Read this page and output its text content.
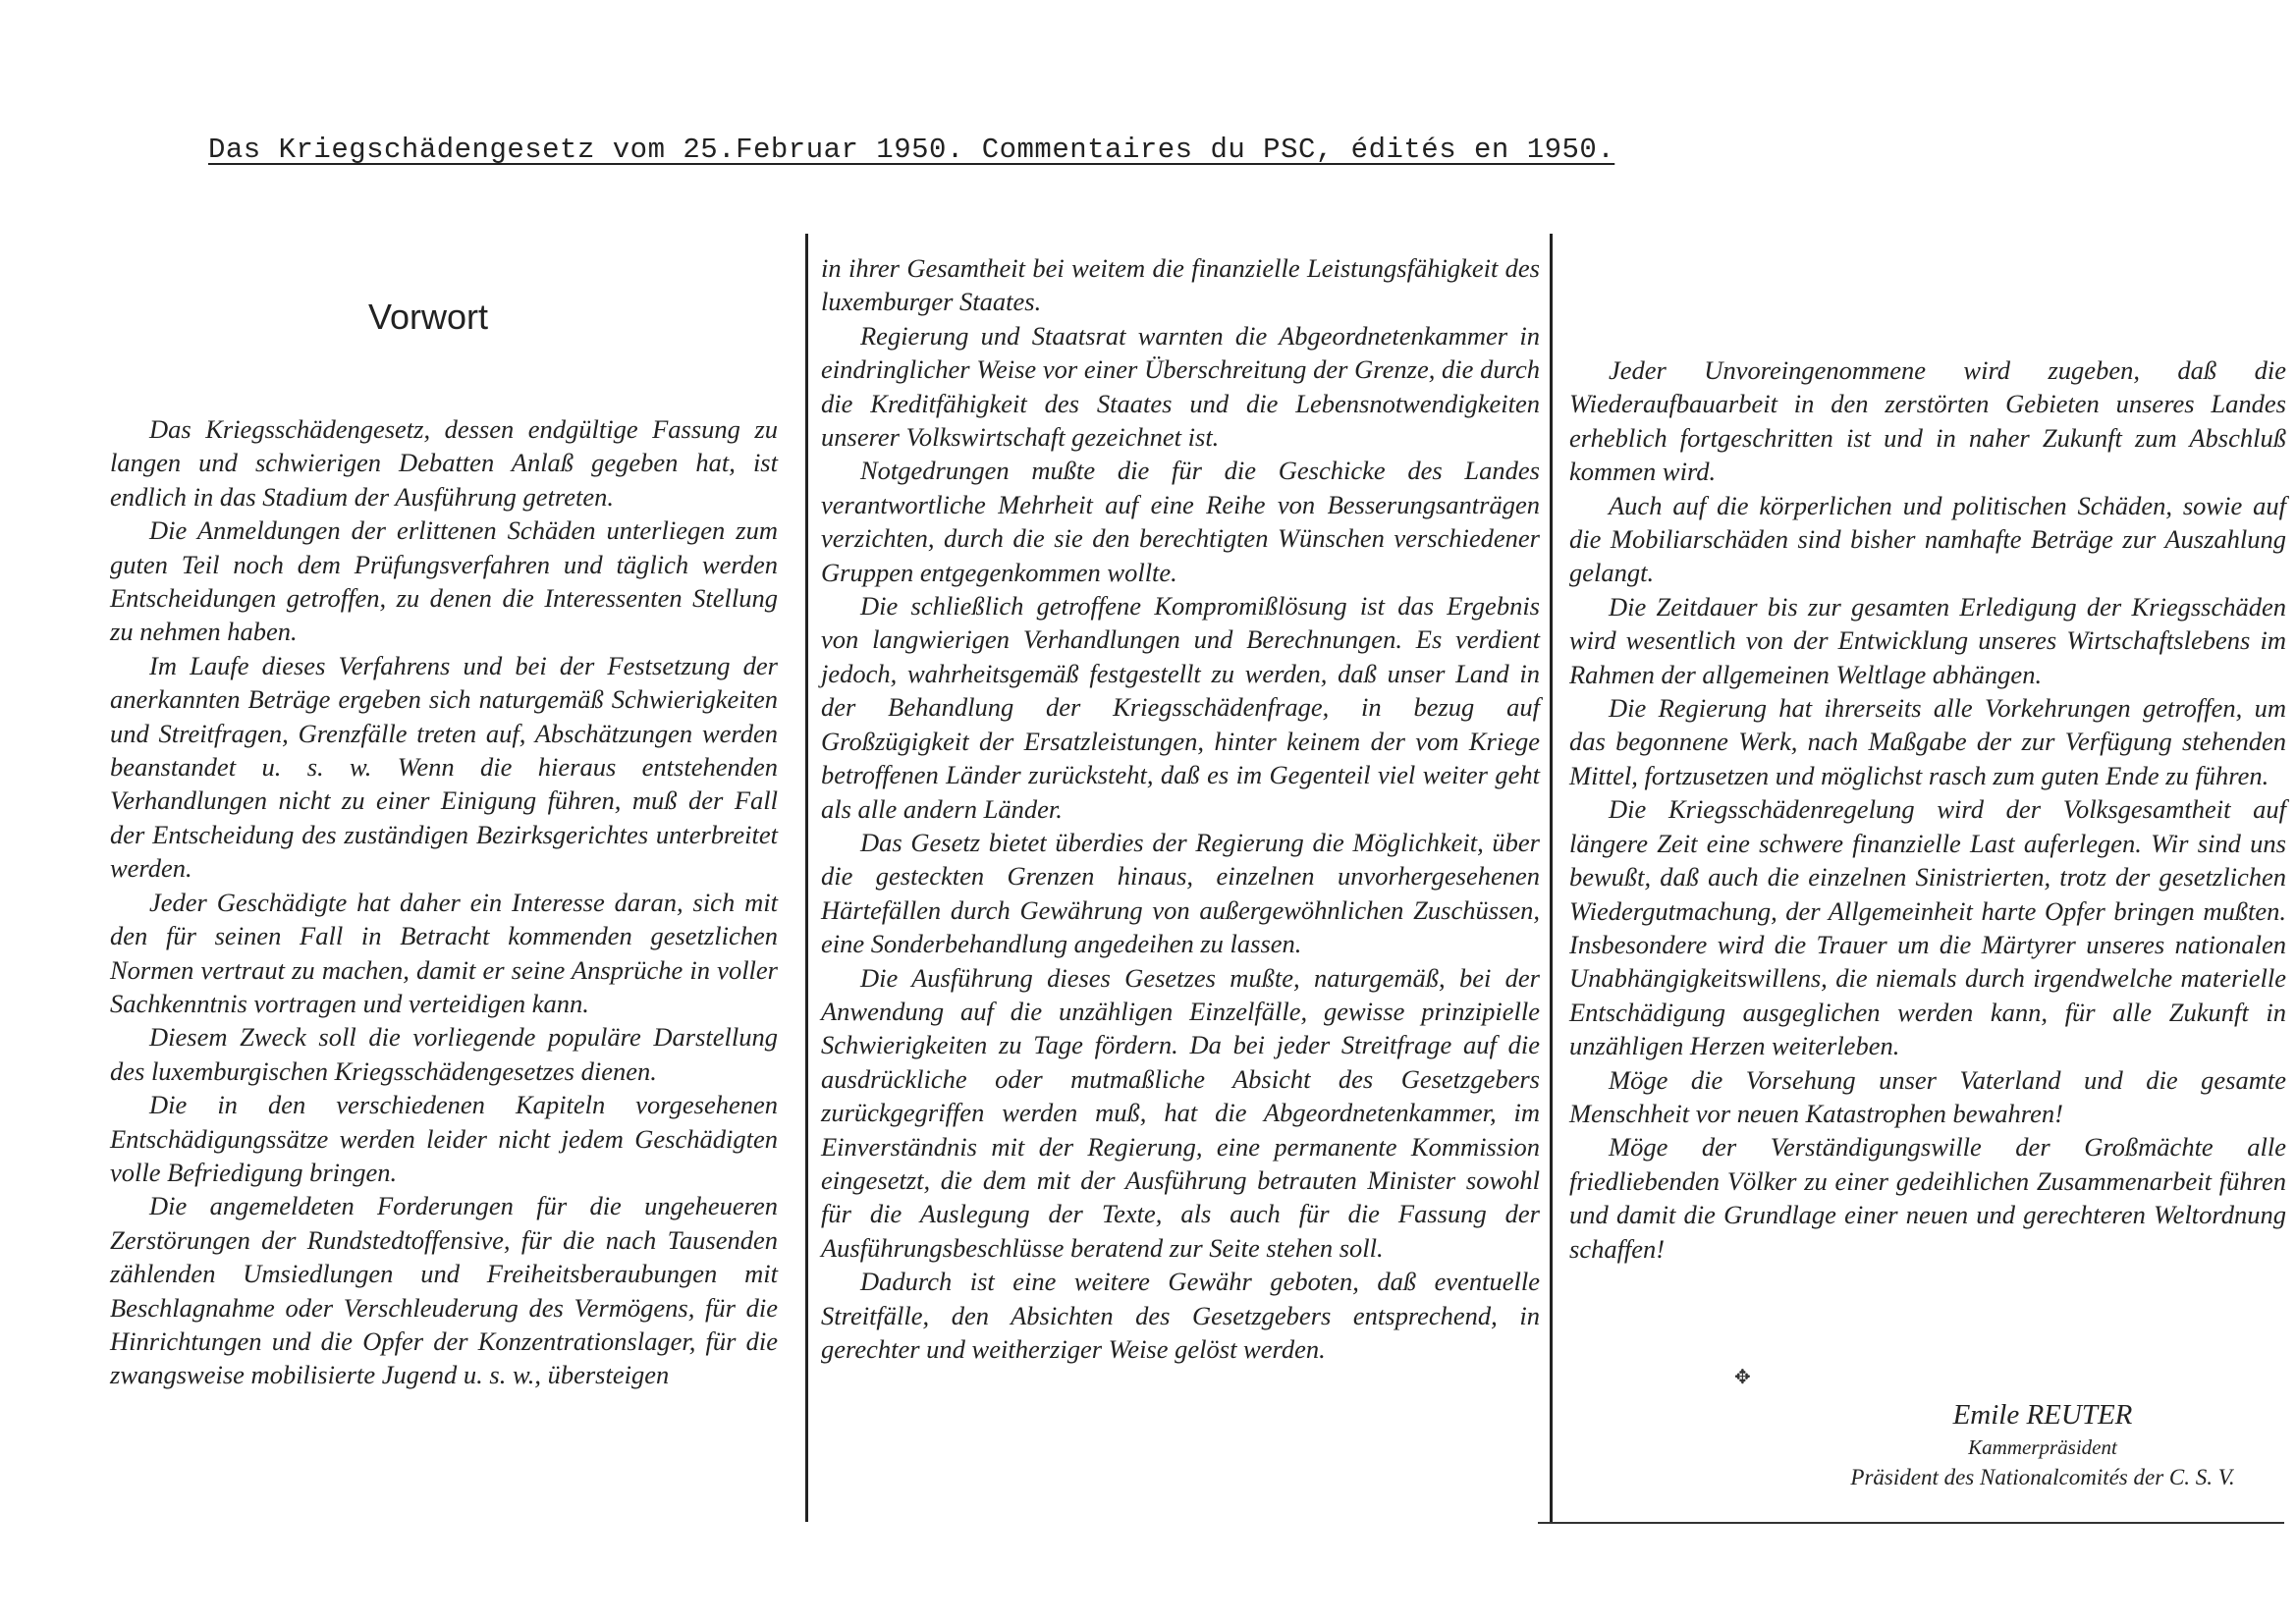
Das Kriegschädengesetz vom 25.Februar 1950. Commentaires du PSC, édités en 1950.
Vorwort

Das Kriegsschädengesetz, dessen endgültige Fassung zu langen und schwierigen Debatten Anlaß gegeben hat, ist endlich in das Stadium der Ausführung getreten.

Die Anmeldungen der erlittenen Schäden unterliegen zum guten Teil noch dem Prüfungsverfahren und täglich werden Entscheidungen getroffen, zu denen die Interessenten Stellung zu nehmen haben.

Im Laufe dieses Verfahrens und bei der Festsetzung der anerkannten Beträge ergeben sich naturgemäß Schwierigkeiten und Streitfragen, Grenzfälle treten auf, Abschätzungen werden beanstandet u. s. w. Wenn die hieraus entstehenden Verhandlungen nicht zu einer Einigung führen, muß der Fall der Entscheidung des zuständigen Bezirksgerichtes unterbreitet werden.

Jeder Geschädigte hat daher ein Interesse daran, sich mit den für seinen Fall in Betracht kommenden gesetzlichen Normen vertraut zu machen, damit er seine Ansprüche in voller Sachkenntnis vortragen und verteidigen kann.

Diesem Zweck soll die vorliegende populäre Darstellung des luxemburgischen Kriegsschädengesetzes dienen.

Die in den verschiedenen Kapiteln vorgesehenen Entschädigungssätze werden leider nicht jedem Geschädigten volle Befriedigung bringen.

Die angemeldeten Forderungen für die ungeheueren Zerstörungen der Rundstedtoffensive, für die nach Tausenden zählenden Umsiedlungen und Freiheitsberaubungen mit Beschlagnahme oder Verschleuderung des Vermögens, für die Hinrichtungen und die Opfer der Konzentrationslager, für die zwangsweise mobilisierte Jugend u. s. w., übersteigen

in ihrer Gesamtheit bei weitem die finanzielle Leistungsfähigkeit des luxemburger Staates.

Regierung und Staatsrat warnten die Abgeordnetenkammer in eindringlicher Weise vor einer Überschreitung der Grenze, die durch die Kreditfähigkeit des Staates und die Lebensnotwendigkeiten unserer Volkswirtschaft gezeichnet ist.

Notgedrungen mußte die für die Geschicke des Landes verantwortliche Mehrheit auf eine Reihe von Besserungsanträgen verzichten, durch die sie den berechtigten Wünschen verschiedener Gruppen entgegenkommen wollte.

Die schließlich getroffene Kompromißlösung ist das Ergebnis von langwierigen Verhandlungen und Berechnungen. Es verdient jedoch, wahrheitsgemäß festgestellt zu werden, daß unser Land in der Behandlung der Kriegsschädenfrage, in bezug auf Großzügigkeit der Ersatzleistungen, hinter keinem der vom Kriege betroffenen Länder zurücksteht, daß es im Gegenteil viel weiter geht als alle andern Länder.

Das Gesetz bietet überdies der Regierung die Möglichkeit, über die gesteckten Grenzen hinaus, einzelnen unvorhergesehenen Härtefällen durch Gewährung von außergewöhnlichen Zuschüssen, eine Sonderbehandlung angedeihen zu lassen.

Die Ausführung dieses Gesetzes mußte, naturgemäß, bei der Anwendung auf die unzähligen Einzelfälle, gewisse prinzipielle Schwierigkeiten zu Tage fördern. Da bei jeder Streitfrage auf die ausdrückliche oder mutmaßliche Absicht des Gesetzgebers zurückgegriffen werden muß, hat die Abgeordnetenkammer, im Einverständnis mit der Regierung, eine permanente Kommission eingesetzt, die dem mit der Ausführung betrauten Minister sowohl für die Auslegung der Texte, als auch für die Fassung der Ausführungsbeschlüsse beratend zur Seite stehen soll.

Dadurch ist eine weitere Gewähr geboten, daß eventuelle Streitfälle, den Absichten des Gesetzgebers entsprechend, in gerechter und weitherziger Weise gelöst werden.

Jeder Unvoreingenommene wird zugeben, daß die Wiederaufbauarbeit in den zerstörten Gebieten unseres Landes erheblich fortgeschritten ist und in naher Zukunft zum Abschluß kommen wird.

Auch auf die körperlichen und politischen Schäden, sowie auf die Mobiliarschäden sind bisher namhafte Beträge zur Auszahlung gelangt.

Die Zeitdauer bis zur gesamten Erledigung der Kriegsschäden wird wesentlich von der Entwicklung unseres Wirtschaftslebens im Rahmen der allgemeinen Weltlage abhängen.

Die Regierung hat ihrerseits alle Vorkehrungen getroffen, um das begonnene Werk, nach Maßgabe der zur Verfügung stehenden Mittel, fortzusetzen und möglichst rasch zum guten Ende zu führen.

Die Kriegsschädenregelung wird der Volksgesamtheit auf längere Zeit eine schwere finanzielle Last auferlegen. Wir sind uns bewußt, daß auch die einzelnen Sinistrierten, trotz der gesetzlichen Wiedergutmachung, der Allgemeinheit harte Opfer bringen mußten. Insbesondere wird die Trauer um die Märtyrer unseres nationalen Unabhängigkeitswillens, die niemals durch irgendwelche materielle Entschädigung ausgeglichen werden kann, für alle Zukunft in unzähligen Herzen weiterleben.

Möge die Vorsehung unser Vaterland und die gesamte Menschheit vor neuen Katastrophen bewahren!

Möge der Verständigungswille der Großmächte alle friedliebenden Völker zu einer gedeihlichen Zusammenarbeit führen und damit die Grundlage einer neuen und gerechteren Weltordnung schaffen!

✥
Emile REUTER
Kammerpräsident
Präsident des Nationalcomités der C. S. V.
